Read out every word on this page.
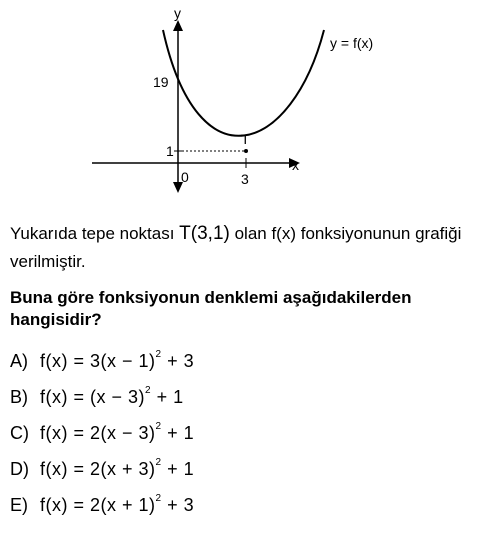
y
x
y = f(x)
19
1
0	3
T
Yukarıda tepe noktası T(3,1) olan f(x) fonksiyonunun grafiği verilmiştir.
Buna göre fonksiyonun denklemi aşağıdakilerden hangisidir?
A) $f(x) = 3(x - 1)^2 + 3$
B) $f(x) = (x - 3)^2 + 1$
C) $f(x) = 2(x - 3)^2 + 1$
D) $f(x) = 2(x + 3)^2 + 1$
E) $f(x) = 2(x + 1)^2 + 3$
